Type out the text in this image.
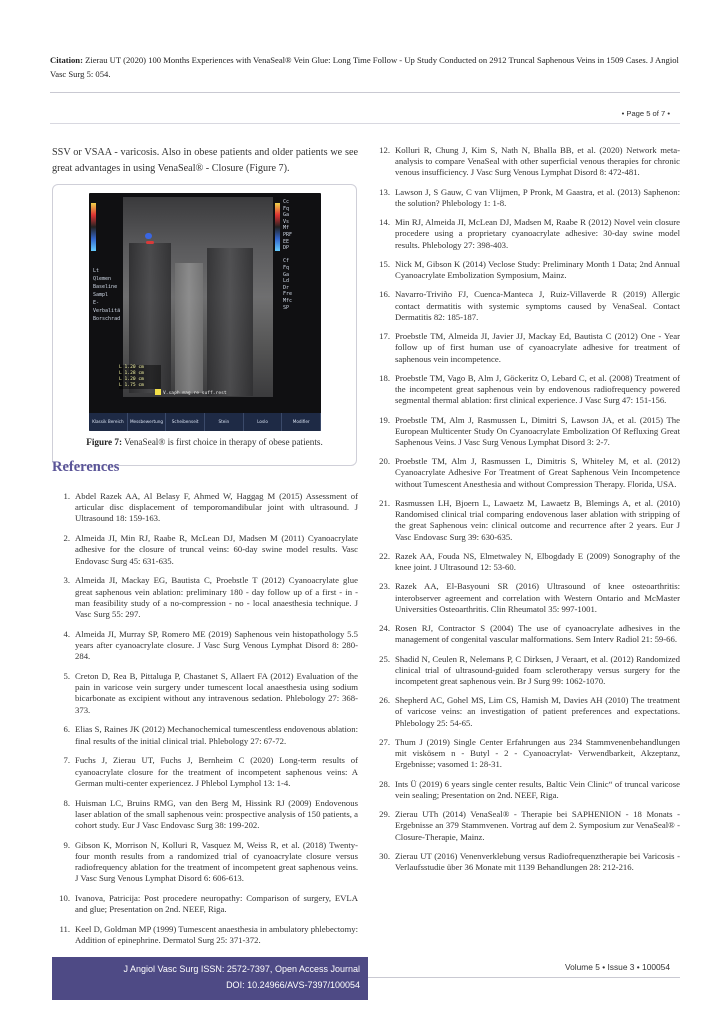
Citation: Zierau UT (2020) 100 Months Experiences with VenaSeal® Vein Glue: Long Time Follow - Up Study Conducted on 2912 Truncal Saphenous Veins in 1509 Cases. J Angiol Vasc Surg 5: 054.
• Page 5 of 7 •

SSV or VSAA - varicosis. Also in obese patients and older patients we see great advantages in using VenaSeal® - Closure (Figure 7).

Cc
Fq
Ga
Vs
Mf
PRF
EE
DP

Cf
Fq
Ga
Ld
Dr
Fre
Mfc
SP
Lt
Qlemen
Baseline
Sampl
E-Verbalitä
Borschrad
L 1.20 cm
L 1.28 cm
L 1.20 cm
L 1.75 cm
V.saph.mag.re suff.rest
Klassik Bereich	Messbewertung	Scheibenseit	Stein	Loslo	Modifier
Figure 7: VenaSeal® is first choice in therapy of obese patients.
References
1. Abdel Razek AA, Al Belasy F, Ahmed W, Haggag M (2015) Assessment of articular disc displacement of temporomandibular joint with ultrasound. J Ultrasound 18: 159-163.
2. Almeida JI, Min RJ, Raabe R, McLean DJ, Madsen M (2011) Cyanoacrylate adhesive for the closure of truncal veins: 60-day swine model results. Vasc Endovasc Surg 45: 631-635.
3. Almeida JI, Mackay EG, Bautista C, Proebstle T (2012) Cyanoacrylate glue great saphenous vein ablation: preliminary 180 - day follow up of a first - in - man feasibility study of a no-compression - no - local anaesthesia technique. J Vasc Surg 55: 297.
4. Almeida JI, Murray SP, Romero ME (2019) Saphenous vein histopathology 5.5 years after cyanoacrylate closure. J Vasc Surg Venous Lymphat Disord 8: 280-284.
5. Creton D, Rea B, Pittaluga P, Chastanet S, Allaert FA (2012) Evaluation of the pain in varicose vein surgery under tumescent local anaesthesia using sodium bicarbonate as excipient without any intravenous sedation. Phlebology 27: 368-373.
6. Elias S, Raines JK (2012) Mechanochemical tumescentless endovenous ablation: final results of the initial clinical trial. Phlebology 27: 67-72.
7. Fuchs J, Zierau UT, Fuchs J, Bernheim C (2020) Long-term results of cyanoacrylate closure for the treatment of incompetent saphenous veins: A German multi-center experiencez. J Phlebol Lymphol 13: 1-4.
8. Huisman LC, Bruins RMG, van den Berg M, Hissink RJ (2009) Endovenous laser ablation of the small saphenous vein: prospective analysis of 150 patients, a cohort study. Eur J Vasc Endovasc Surg 38: 199-202.
9. Gibson K, Morrison N, Kolluri R, Vasquez M, Weiss R, et al. (2018) Twenty-four month results from a randomized trial of cyanoacrylate closure versus radiofrequency ablation for the treatment of incompetent great saphenous veins. J Vasc Surg Venous Lymphat Disord 6: 606-613.
10. Ivanova, Patricija: Post procedere neuropathy: Comparison of surgery, EVLA and glue; Presentation on 2nd. NEEF, Riga.
11. Keel D, Goldman MP (1999) Tumescent anaesthesia in ambulatory phlebectomy: Addition of epinephrine. Dermatol Surg 25: 371-372.
12. Kolluri R, Chung J, Kim S, Nath N, Bhalla BB, et al. (2020) Network meta-analysis to compare VenaSeal with other superficial venous therapies for chronic venous insufficiency. J Vasc Surg Venous Lymphat Disord 8: 472-481.
13. Lawson J, S Gauw, C van Vlijmen, P Pronk, M Gaastra, et al. (2013) Saphenon: the solution? Phlebology 1: 1-8.
14. Min RJ, Almeida JI, McLean DJ, Madsen M, Raabe R (2012) Novel vein closure procedere using a proprietary cyanoacrylate adhesive: 30-day swine model results. Phlebology 27: 398-403.
15. Nick M, Gibson K (2014) Veclose Study: Preliminary Month 1 Data; 2nd Annual Cyanoacrylate Embolization Symposium, Mainz.
16. Navarro-Triviño FJ, Cuenca-Manteca J, Ruiz-Villaverde R (2019) Allergic contact dermatitis with systemic symptoms caused by VenaSeal. Contact Dermatitis 82: 185-187.
17. Proebstle TM, Almeida JI, Javier JJ, Mackay Ed, Bautista C (2012) One - Year follow up of first human use of cyanoacrylate adhesive for treatment of saphenous vein incompetence.
18. Proebstle TM, Vago B, Alm J, Göckeritz O, Lebard C, et al. (2008) Treatment of the incompetent great saphenous vein by endovenous radiofrequency powered segmental thermal ablation: first clinical experience. J Vasc Surg 47: 151-156.
19. Proebstle TM, Alm J, Rasmussen L, Dimitri S, Lawson JA, et al. (2015) The European Multicenter Study On Cyanoacrylate Embolization Of Refluxing Great Saphenous Veins. J Vasc Surg Venous Lymphat Disord 3: 2-7.
20. Proebstle TM, Alm J, Rasmussen L, Dimitris S, Whiteley M, et al. (2012) Cyanoacrylate Adhesive For Treatment of Great Saphenous Vein Incompetence without Tumescent Anesthesia and without Compression Therapy. Florida, USA.
21. Rasmussen LH, Bjoern L, Lawaetz M, Lawaetz B, Blemings A, et al. (2010) Randomised clinical trial comparing endovenous laser ablation with stripping of the great Saphenous vein: clinical outcome and recurrence after 2 years. Eur J Vasc Endovasc Surg 39: 630-635.
22. Razek AA, Fouda NS, Elmetwaley N, Elbogdady E (2009) Sonography of the knee joint. J Ultrasound 12: 53-60.
23. Razek AA, El-Basyouni SR (2016) Ultrasound of knee osteoarthritis: interobserver agreement and correlation with Western Ontario and McMaster Universities Osteoarthritis. Clin Rheumatol 35: 997-1001.
24. Rosen RJ, Contractor S (2004) The use of cyanoacrylate adhesives in the management of congenital vascular malformations. Sem Interv Radiol 21: 59-66.
25. Shadid N, Ceulen R, Nelemans P, C Dirksen, J Veraart, et al. (2012) Randomized clinical trial of ultrasound-guided foam sclerotherapy versus surgery for the incompetent great saphenous vein. Br J Surg 99: 1062-1070.
26. Shepherd AC, Gohel MS, Lim CS, Hamish M, Davies AH (2010) The treatment of varicose veins: an investigation of patient preferences and expectations. Phlebology 25: 54-65.
27. Thum J (2019) Single Center Erfahrungen aus 234 Stammvenenbehandlungen mit viskösem n - Butyl - 2 - Cyanoacrylat- Verwendbarkeit, Akzeptanz, Ergebnisse; vasomed 1: 28-31.
28. Ints Ü (2019) 6 years single center results, Baltic Vein Clinic“ of truncal varicose vein sealing; Presentation on 2nd. NEEF, Riga.
29. Zierau UTh (2014) VenaSeal® - Therapie bei SAPHENION - 18 Monats - Ergebnisse an 379 Stammvenen. Vortrag auf dem 2. Symposium zur VenaSeal® - Closure-Therapie, Mainz.
30. Zierau UT (2016) Venenverklebung versus Radiofrequenztherapie bei Varicosis - Verlaufsstudie über 36 Monate mit 1139 Behandlungen 28: 212-216.
J Angiol Vasc Surg ISSN: 2572-7397, Open Access Journal
DOI: 10.24966/AVS-7397/100054
Volume 5 • Issue 3 • 100054
